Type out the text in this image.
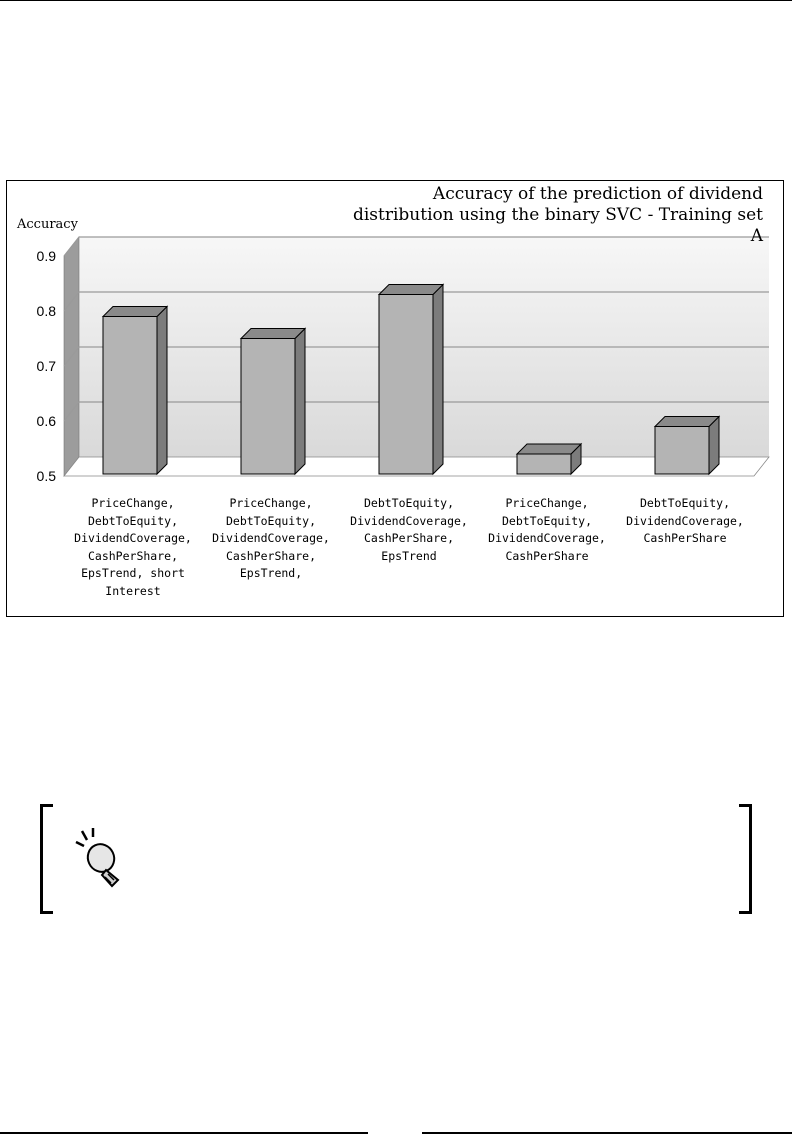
0.5
0.6
0.7
0.8
0.9
Accuracy of the prediction of dividend
distribution using the binary SVC - Training set A
Accuracy
PriceChange,
DebtToEquity,
DividendCoverage,
CashPerShare,
EpsTrend, short
Interest
PriceChange,
DebtToEquity,
DividendCoverage,
CashPerShare,
EpsTrend,
DebtToEquity,
DividendCoverage,
CashPerShare,
EpsTrend
PriceChange,
DebtToEquity,
DividendCoverage,
CashPerShare
DebtToEquity,
DividendCoverage,
CashPerShare
